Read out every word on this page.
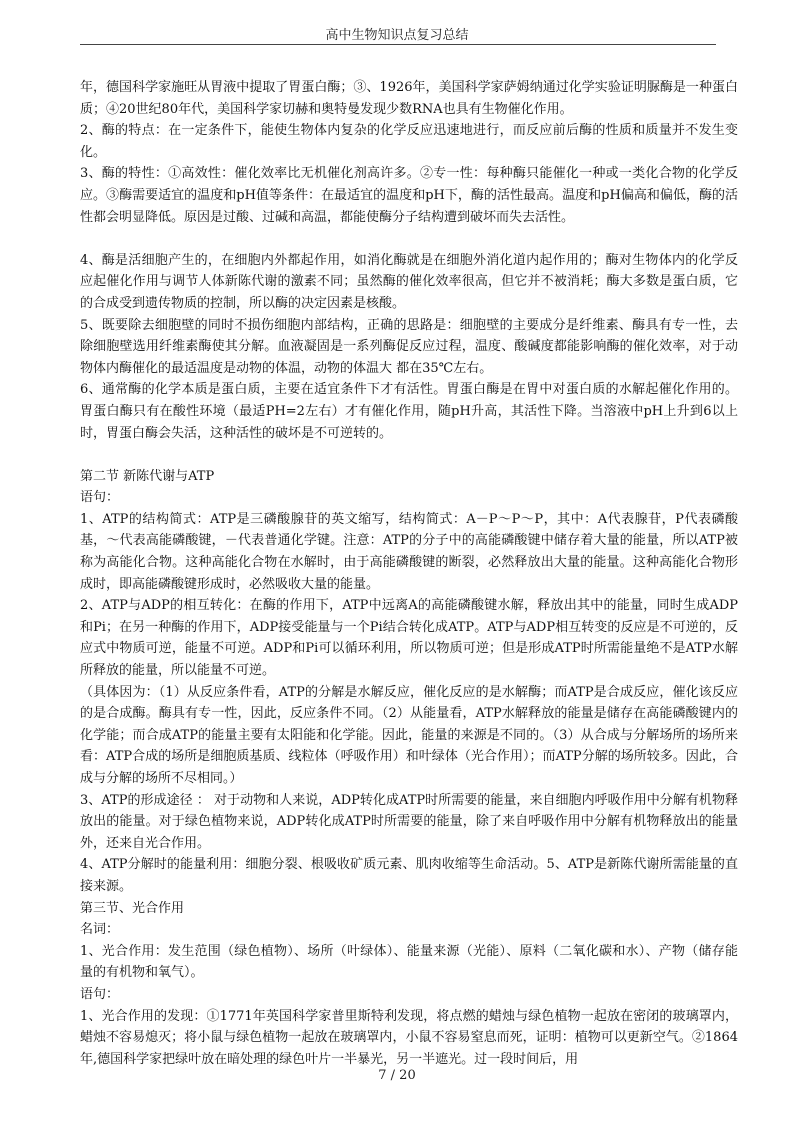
高中生物知识点复习总结

年，德国科学家施旺从胃液中提取了胃蛋白酶；③、1926年，美国科学家萨姆纳通过化学实验证明脲酶是一种蛋白质；④20世纪80年代，美国科学家切赫和奥特曼发现少数RNA也具有生物催化作用。

2、酶的特点：在一定条件下，能使生物体内复杂的化学反应迅速地进行，而反应前后酶的性质和质量并不发生变化。

3、酶的特性：①高效性：催化效率比无机催化剂高许多。②专一性：每种酶只能催化一种或一类化合物的化学反应。③酶需要适宜的温度和pH值等条件：在最适宜的温度和pH下，酶的活性最高。温度和pH偏高和偏低，酶的活性都会明显降低。原因是过酸、过碱和高温，都能使酶分子结构遭到破坏而失去活性。

4、酶是活细胞产生的，在细胞内外都起作用，如消化酶就是在细胞外消化道内起作用的；酶对生物体内的化学反应起催化作用与调节人体新陈代谢的激素不同；虽然酶的催化效率很高，但它并不被消耗；酶大多数是蛋白质，它的合成受到遗传物质的控制，所以酶的决定因素是核酸。

5、既要除去细胞壁的同时不损伤细胞内部结构，正确的思路是：细胞壁的主要成分是纤维素、酶具有专一性，去除细胞壁选用纤维素酶使其分解。血液凝固是一系列酶促反应过程，温度、酸碱度都能影响酶的催化效率，对于动物体内酶催化的最适温度是动物的体温，动物的体温大 都在35℃左右。

6、通常酶的化学本质是蛋白质，主要在适宜条件下才有活性。胃蛋白酶是在胃中对蛋白质的水解起催化作用的。胃蛋白酶只有在酸性环境（最适PH=2左右）才有催化作用，随pH升高，其活性下降。当溶液中pH上升到6以上时，胃蛋白酶会失活，这种活性的破坏是不可逆转的。

第二节 新陈代谢与ATP

语句：

1、ATP的结构简式：ATP是三磷酸腺苷的英文缩写，结构简式：A－P～P～P，其中：A代表腺苷，P代表磷酸基，～代表高能磷酸键，－代表普通化学键。注意：ATP的分子中的高能磷酸键中储存着大量的能量，所以ATP被称为高能化合物。这种高能化合物在水解时，由于高能磷酸键的断裂，必然释放出大量的能量。这种高能化合物形成时，即高能磷酸键形成时，必然吸收大量的能量。

2、ATP与ADP的相互转化：在酶的作用下，ATP中远离A的高能磷酸键水解，释放出其中的能量，同时生成ADP和Pi；在另一种酶的作用下，ADP接受能量与一个Pi结合转化成ATP。ATP与ADP相互转变的反应是不可逆的，反应式中物质可逆，能量不可逆。ADP和Pi可以循环利用，所以物质可逆；但是形成ATP时所需能量绝不是ATP水解所释放的能量，所以能量不可逆。

（具体因为：（1）从反应条件看，ATP的分解是水解反应，催化反应的是水解酶；而ATP是合成反应，催化该反应的是合成酶。酶具有专一性，因此，反应条件不同。（2）从能量看，ATP水解释放的能量是储存在高能磷酸键内的化学能；而合成ATP的能量主要有太阳能和化学能。因此，能量的来源是不同的。（3）从合成与分解场所的场所来看：ATP合成的场所是细胞质基质、线粒体（呼吸作用）和叶绿体（光合作用）；而ATP分解的场所较多。因此，合成与分解的场所不尽相同。）

3、ATP的形成途径 ： 对于动物和人来说，ADP转化成ATP时所需要的能量，来自细胞内呼吸作用中分解有机物释放出的能量。对于绿色植物来说，ADP转化成ATP时所需要的能量，除了来自呼吸作用中分解有机物释放出的能量外，还来自光合作用。

4、ATP分解时的能量利用：细胞分裂、根吸收矿质元素、肌肉收缩等生命活动。5、ATP是新陈代谢所需能量的直接来源。

第三节、光合作用

名词：

1、光合作用：发生范围（绿色植物）、场所（叶绿体）、能量来源（光能）、原料（二氧化碳和水）、产物（储存能量的有机物和氧气）。

语句：

1、光合作用的发现：①1771年英国科学家普里斯特利发现，将点燃的蜡烛与绿色植物一起放在密闭的玻璃罩内，蜡烛不容易熄灭；将小鼠与绿色植物一起放在玻璃罩内，小鼠不容易窒息而死，证明：植物可以更新空气。②1864年,德国科学家把绿叶放在暗处理的绿色叶片一半暴光，另一半遮光。过一段时间后，用

7 / 20
